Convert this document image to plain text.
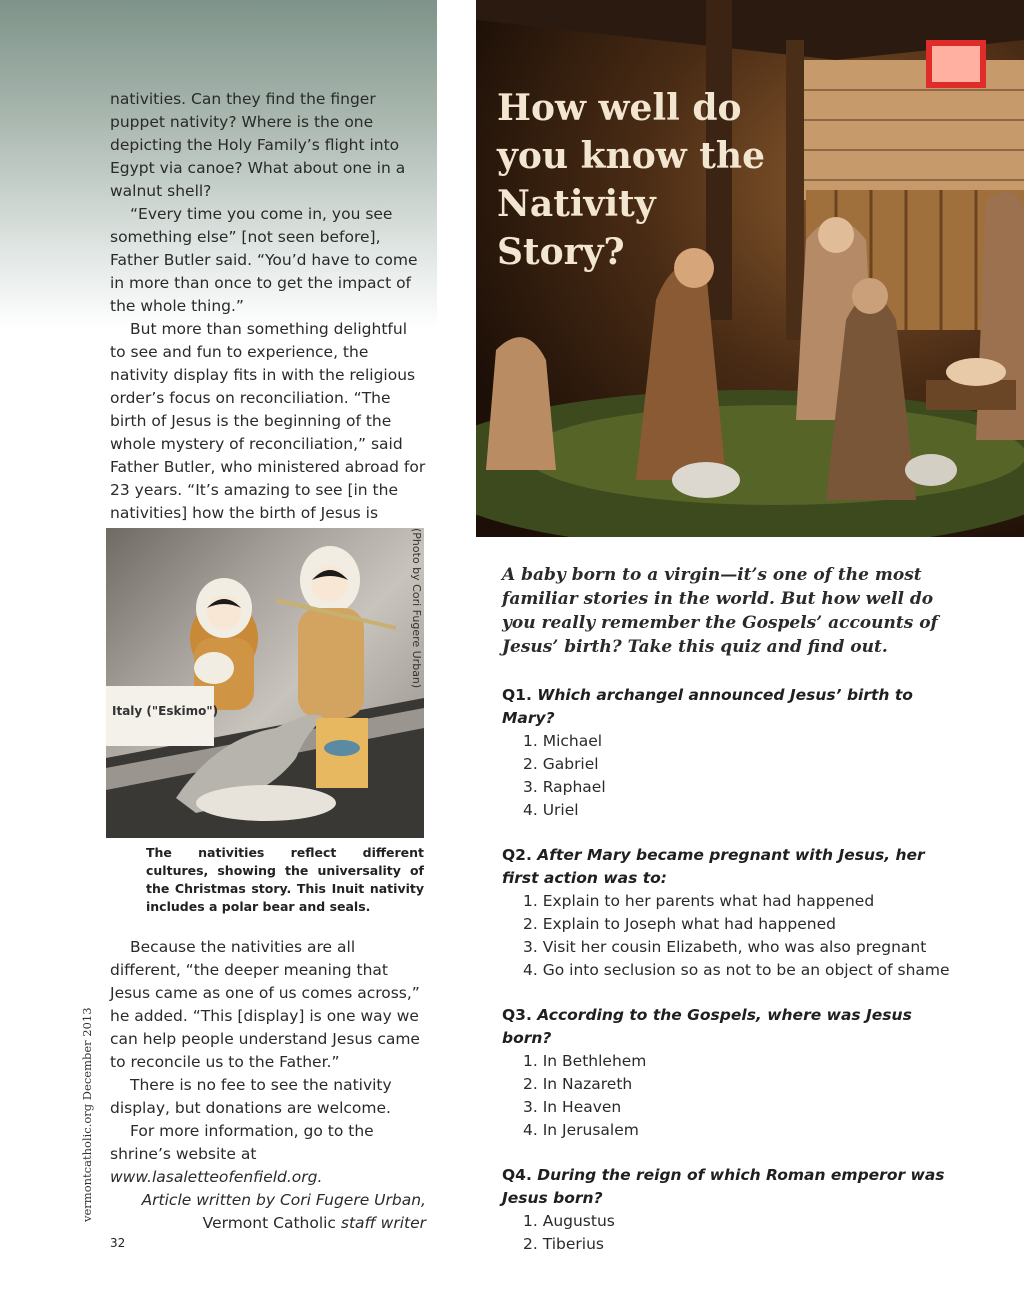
nativities. Can they find the finger puppet nativity? Where is the one depicting the Holy Family’s flight into Egypt via canoe? What about one in a walnut shell?

“Every time you come in, you see something else” [not seen before], Father Butler said. “You’d have to come in more than once to get the impact of the whole thing.”

But more than something delightful to see and fun to experience, the nativity display fits in with the religious order’s focus on reconciliation. “The birth of Jesus is the beginning of the whole mystery of reconciliation,” said Father Butler, who ministered abroad for 23 years. “It’s amazing to see [in the nativities] how the birth of Jesus is

Italy ("Eskimo")
(Photo by Cori Fugere Urban)
The nativities reflect different cultures, showing the universality of the Christmas story. This Inuit nativity includes a polar bear and seals.

Because the nativities are all different, “the deeper meaning that Jesus came as one of us comes across,” he added. “This [display] is one way we can help people understand Jesus came to reconcile us to the Father.”

There is no fee to see the nativity display, but donations are welcome.

For more information, go to the shrine’s website at www.lasalettеofenfield.org.

Article written by Cori Fugere Urban,

Vermont Catholic staff writer

vermontcatholic.org December 2013
32
How well do you know the Nativity Story?
A baby born to a virgin—it’s one of the most familiar stories in the world. But how well do you really remember the Gospels’ accounts of Jesus’ birth? Take this quiz and find out.

Q1. Which archangel announced Jesus’ birth to Mary?

1. Michael
2. Gabriel
3. Raphael
4. Uriel

Q2. After Mary became pregnant with Jesus, her first action was to:

1. Explain to her parents what had happened
2. Explain to Joseph what had happened
3. Visit her cousin Elizabeth, who was also pregnant
4. Go into seclusion so as not to be an object of shame

Q3. According to the Gospels, where was Jesus born?

1. In Bethlehem
2. In Nazareth
3. In Heaven
4. In Jerusalem

Q4. During the reign of which Roman emperor was Jesus born?

1. Augustus
2. Tiberius
